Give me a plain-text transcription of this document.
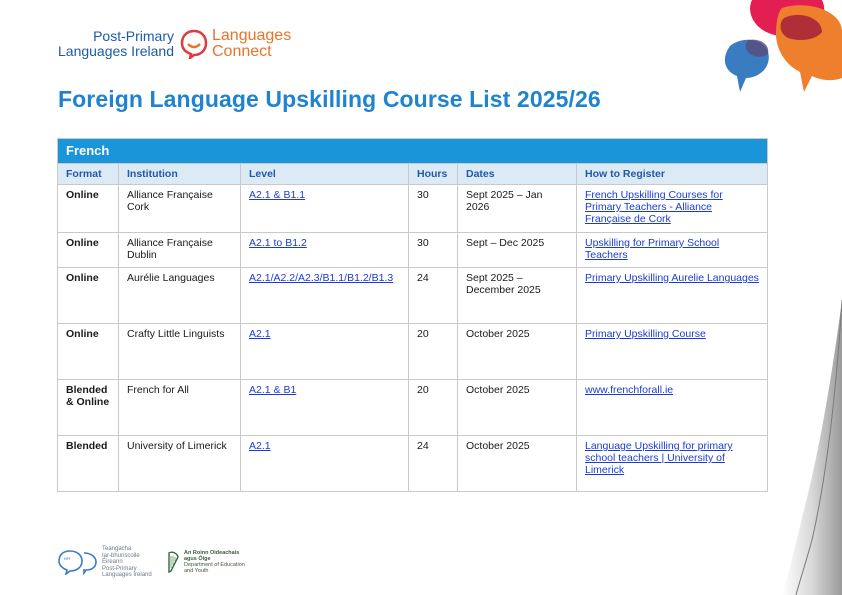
Post-Primary
Languages Ireland
Languages
Connect
Foreign Language Upskilling Course List 2025/26
French					
Format	Institution	Level	Hours	Dates	How to Register
Online	Alliance Française Cork	A2.1 & B1.1	30	Sept 2025 – Jan 2026	French Upskilling Courses for Primary Teachers - Alliance Française de Cork
Online	Alliance Française Dublin	A2.1 to B1.2	30	Sept – Dec 2025	Upskilling for Primary School Teachers
Online	Aurélie Languages	A2.1/A2.2/A2.3/B1.1/B1.2/B1.3	24	Sept 2025 – December 2025	Primary Upskilling Aurelie Languages
Online	Crafty Little Linguists	A2.1	20	October 2025	Primary Upskilling Course
Blended & Online	French for All	A2.1 & B1	20	October 2025	www.frenchforall.ie
Blended	University of Limerick	A2.1	24	October 2025	Language Upskilling for primary school teachers | University of Limerick
“”
Teangacha
Iar-bhunscoile Éireann
Post-Primary
Languages Ireland
An Roinn Oideachais
agus Óige
Department of Education
and Youth
